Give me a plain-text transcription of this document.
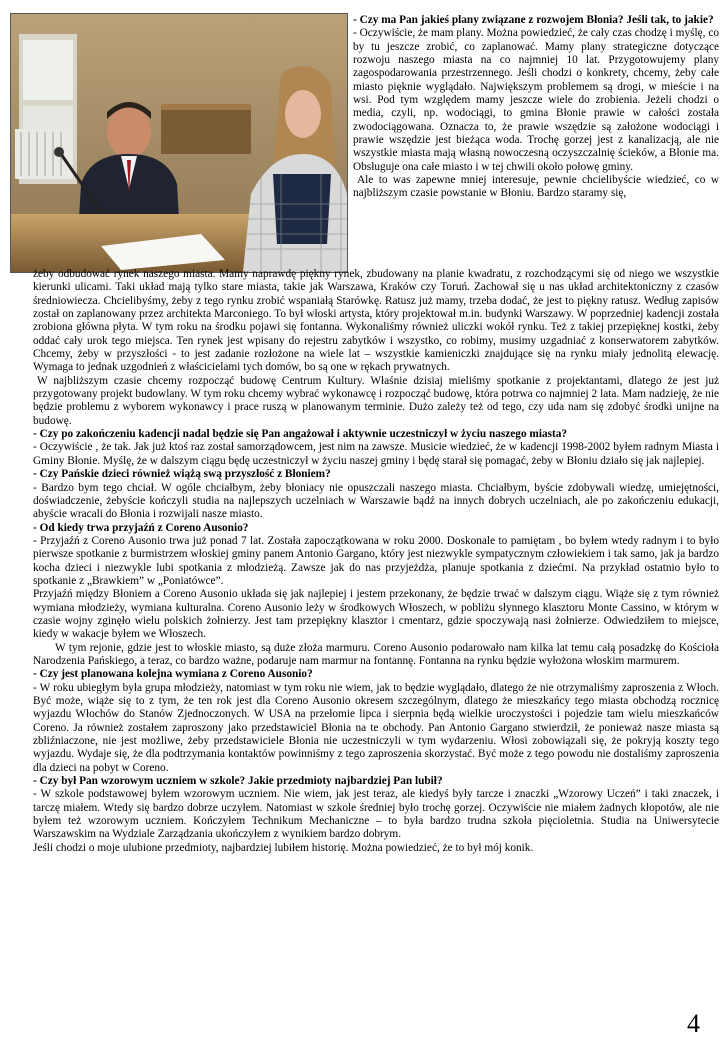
- Czy ma Pan jakieś plany związane z rozwojem Błonia? Jeśli tak, to jakie?

- Oczywiście, że mam plany. Można powiedzieć, że cały czas chodzę i myślę, co by tu jeszcze zrobić, co zaplanować. Mamy plany strategiczne dotyczące rozwoju naszego miasta na co najmniej 10 lat. Przygotowujemy plany zagospodarowania przestrzennego. Jeśli chodzi o konkrety, chcemy, żeby całe miasto pięknie wyglądało. Największym problemem są drogi, w mieście i na wsi. Pod tym względem mamy jeszcze wiele do zrobienia. Jeżeli chodzi o media, czyli, np. wodociągi, to gmina Błonie prawie w całości została zwodociągowana. Oznacza to, że prawie wszędzie są założone wodociągi i prawie wszędzie jest bieżąca woda. Trochę gorzej jest z kanalizacją, ale nie wszystkie miasta mają własną nowoczesną oczyszczalnię ścieków, a Błonie ma. Obsługuje ona całe miasto i w tej chwili około połowę gminy.

Ale to was zapewne mniej interesuje, pewnie chcielibyście wiedzieć, co w najbliższym czasie powstanie w Błoniu. Bardzo staramy się,

żeby odbudować rynek naszego miasta. Mamy naprawdę piękny rynek, zbudowany na planie kwadratu, z rozchodzącymi się od niego we wszystkie kierunki ulicami. Taki układ mają tylko stare miasta, takie jak Warszawa, Kraków czy Toruń. Zachował się u nas układ architektoniczny z czasów średniowiecza. Chcielibyśmy, żeby z tego rynku zrobić wspaniałą Starówkę. Ratusz już mamy, trzeba dodać, że jest to piękny ratusz. Według zapisów został on zaplanowany przez architekta Marconiego. To był włoski artysta, który projektował m.in. budynki Warszawy. W poprzedniej kadencji została zrobiona główna płyta. W tym roku na środku pojawi się fontanna. Wykonaliśmy również uliczki wokół rynku. Też z takiej przepięknej kostki, żeby oddać cały urok tego miejsca. Ten rynek jest wpisany do rejestru zabytków i wszystko, co robimy, musimy uzgadniać z konserwatorem zabytków. Chcemy, żeby w przyszłości - to jest zadanie rozłożone na wiele lat – wszystkie kamieniczki znajdujące się na rynku miały jednolitą elewację. Wymaga to jednak uzgodnień z właścicielami tych domów, bo są one w rękach prywatnych.

W najbliższym czasie chcemy rozpocząć budowę Centrum Kultury. Właśnie dzisiaj mieliśmy spotkanie z projektantami, dlatego że jest już przygotowany projekt budowlany. W tym roku chcemy wybrać wykonawcę i rozpocząć budowę, która potrwa co najmniej 2 lata. Mam nadzieję, że nie będzie problemu z wyborem wykonawcy i prace ruszą w planowanym terminie. Dużo zależy też od tego, czy uda nam się zdobyć środki unijne na budowę.

- Czy po zakończeniu kadencji nadal będzie się Pan angażował i aktywnie uczestniczył w życiu naszego miasta?

- Oczywiście , że tak. Jak już ktoś raz został samorządowcem, jest nim na zawsze. Musicie wiedzieć, że w kadencji 1998-2002 byłem radnym Miasta i Gminy Błonie. Myślę, że w dalszym ciągu będę uczestniczył w życiu naszej gminy i będę starał się pomagać, żeby w Błoniu działo się jak najlepiej.

- Czy Pańskie dzieci również wiążą swą przyszłość z Błoniem?

- Bardzo bym tego chciał. W ogóle chciałbym, żeby błoniacy nie opuszczali naszego miasta. Chciałbym, byście zdobywali wiedzę, umiejętności, doświadczenie, żebyście kończyli studia na najlepszych uczelniach w Warszawie bądź na innych dobrych uczelniach, ale po zakończeniu edukacji, abyście wracali do Błonia i rozwijali nasze miasto.

- Od kiedy trwa przyjaźń z Coreno Ausonio?

- Przyjaźń z Coreno Ausonio trwa już ponad 7 lat. Została zapoczątkowana w roku 2000. Doskonale to pamiętam , bo byłem wtedy radnym i to było pierwsze spotkanie z burmistrzem włoskiej gminy panem Antonio Gargano, który jest niezwykle sympatycznym człowiekiem i tak samo, jak ja bardzo kocha dzieci i niezwykle lubi spotkania z młodzieżą. Zawsze jak do nas przyjeżdża, planuje spotkania z dziećmi. Na przykład ostatnio było to spotkanie z „Brawkiem” w „Poniatówce”.

Przyjaźń między Błoniem a Coreno Ausonio układa się jak najlepiej i jestem przekonany, że będzie trwać w dalszym ciągu. Wiąże się z tym również wymiana młodzieży, wymiana kulturalna. Coreno Ausonio leży w środkowych Włoszech, w pobliżu słynnego klasztoru Monte Cassino, w którym w czasie wojny zginęło wielu polskich żołnierzy. Jest tam przepiękny klasztor i cmentarz, gdzie spoczywają nasi żołnierze. Odwiedziłem to miejsce, kiedy w wakacje byłem we Włoszech.

W tym rejonie, gdzie jest to włoskie miasto, są duże złoża marmuru. Coreno Ausonio podarowało nam kilka lat temu całą posadzkę do Kościoła Narodzenia Pańskiego, a teraz, co bardzo ważne, podaruje nam marmur na fontannę. Fontanna na rynku będzie wyłożona włoskim marmurem.

- Czy jest planowana kolejna wymiana z Coreno Ausonio?

- W roku ubiegłym była grupa młodzieży, natomiast w tym roku nie wiem, jak to będzie wyglądało, dlatego że nie otrzymaliśmy zaproszenia z Włoch. Być może, wiąże się to z tym, że ten rok jest dla Coreno Ausonio okresem szczególnym, dlatego że mieszkańcy tego miasta obchodzą rocznicę wyjazdu Włochów do Stanów Zjednoczonych. W USA na przełomie lipca i sierpnia będą wielkie uroczystości i pojedzie tam wielu mieszkańców Coreno. Ja również zostałem zaproszony jako przedstawiciel Błonia na te obchody. Pan Antonio Gargano stwierdził, że ponieważ nasze miasta są zbliźniaczone, nie jest możliwe, żeby przedstawiciele Błonia nie uczestniczyli w tym wydarzeniu. Włosi zobowiązali się, że pokryją koszty tego wyjazdu. Wydaje się, że dla podtrzymania kontaktów powinniśmy z tego zaproszenia skorzystać. Być może z tego powodu nie dostaliśmy zaproszenia dla dzieci na pobyt w Coreno.

- Czy był Pan wzorowym uczniem w szkole? Jakie przedmioty najbardziej Pan lubił?

- W szkole podstawowej byłem wzorowym uczniem. Nie wiem, jak jest teraz, ale kiedyś były tarcze i znaczki „Wzorowy Uczeń” i taki znaczek, i tarczę miałem. Wtedy się bardzo dobrze uczyłem. Natomiast w szkole średniej było trochę gorzej. Oczywiście nie miałem żadnych kłopotów, ale nie byłem też wzorowym uczniem. Kończyłem Technikum Mechaniczne – to była bardzo trudna szkoła pięcioletnia. Studia na Uniwersytecie Warszawskim na Wydziale Zarządzania ukończyłem z wynikiem bardzo dobrym.

Jeśli chodzi o moje ulubione przedmioty, najbardziej lubiłem historię. Można powiedzieć, że to był mój konik.

4
